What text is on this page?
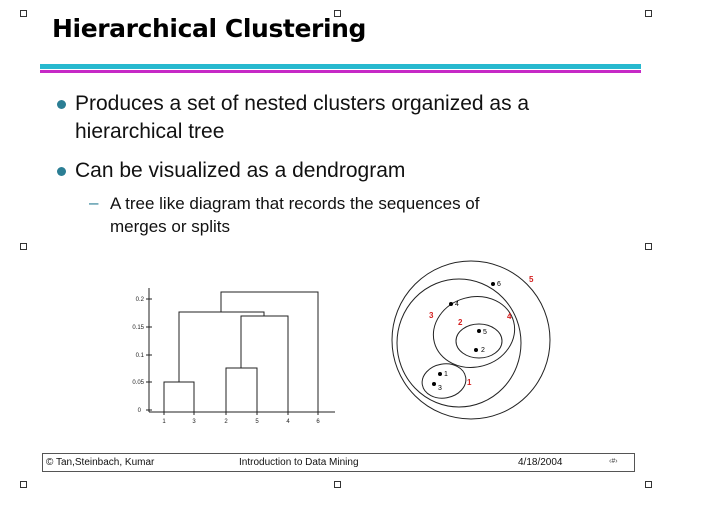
Hierarchical Clustering
Produces a set of nested clusters organized as a
hierarchical tree
Can be visualized as a dendrogram
– A tree like diagram that records the sequences of
merges or splits
0
0.05
0.1
0.15
0.2
1	3	2	5	4	6
6
4
5
2
1
3
1
2
3	4
5
© Tan,Steinbach, Kumar	Introduction to Data Mining	4/18/2004	‹#›
